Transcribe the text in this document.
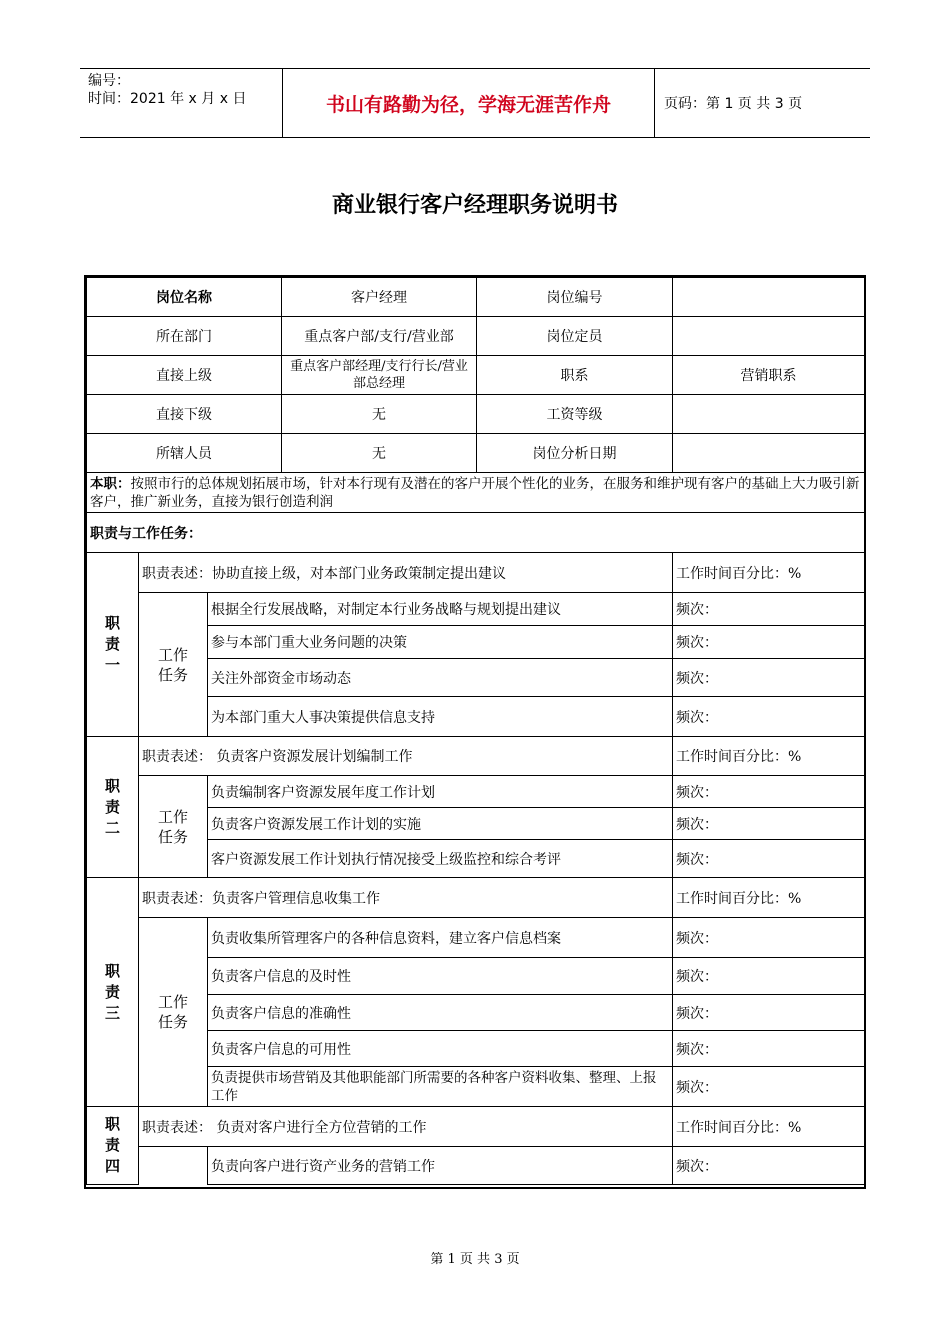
编号：
时间：2021 年 x 月 x 日	书山有路勤为径，学海无涯苦作舟	页码：第 1 页 共 3 页
商业银行客户经理职务说明书
岗位名称			客户经理	岗位编号	
所在部门			重点客户部/支行/营业部	岗位定员	
直接上级			重点客户部经理/支行行长/营业部总经理	职系	营销职系
直接下级			无	工资等级	
所辖人员			无	岗位分析日期	
本职：按照市行的总体规划拓展市场，针对本行现有及潜在的客户开展个性化的业务，在服务和维护现有客户的基础上大力吸引新客户，推广新业务，直接为银行创造利润					
职责与工作任务：					
职责一	职责表述：协助直接上级，对本部门业务政策制定提出建议				工作时间百分比：%
	工作任务	根据全行发展战略，对制定本行业务战略与规划提出建议			频次：
		参与本部门重大业务问题的决策			频次：
		关注外部资金市场动态			频次：
		为本部门重大人事决策提供信息支持			频次：
职责二	职责表述： 负责客户资源发展计划编制工作				工作时间百分比：%
	工作任务	负责编制客户资源发展年度工作计划			频次：
		负责客户资源发展工作计划的实施			频次：
		客户资源发展工作计划执行情况接受上级监控和综合考评			频次：
职责三	职责表述：负责客户管理信息收集工作				工作时间百分比：%
	工作任务	负责收集所管理客户的各种信息资料，建立客户信息档案			频次：
		负责客户信息的及时性			频次：
		负责客户信息的准确性			频次：
		负责客户信息的可用性			频次：
		负责提供市场营销及其他职能部门所需要的各种客户资料收集、整理、上报工作			频次：
职责四	职责表述： 负责对客户进行全方位营销的工作				工作时间百分比：%
		负责向客户进行资产业务的营销工作			频次：
第 1 页 共 3 页
